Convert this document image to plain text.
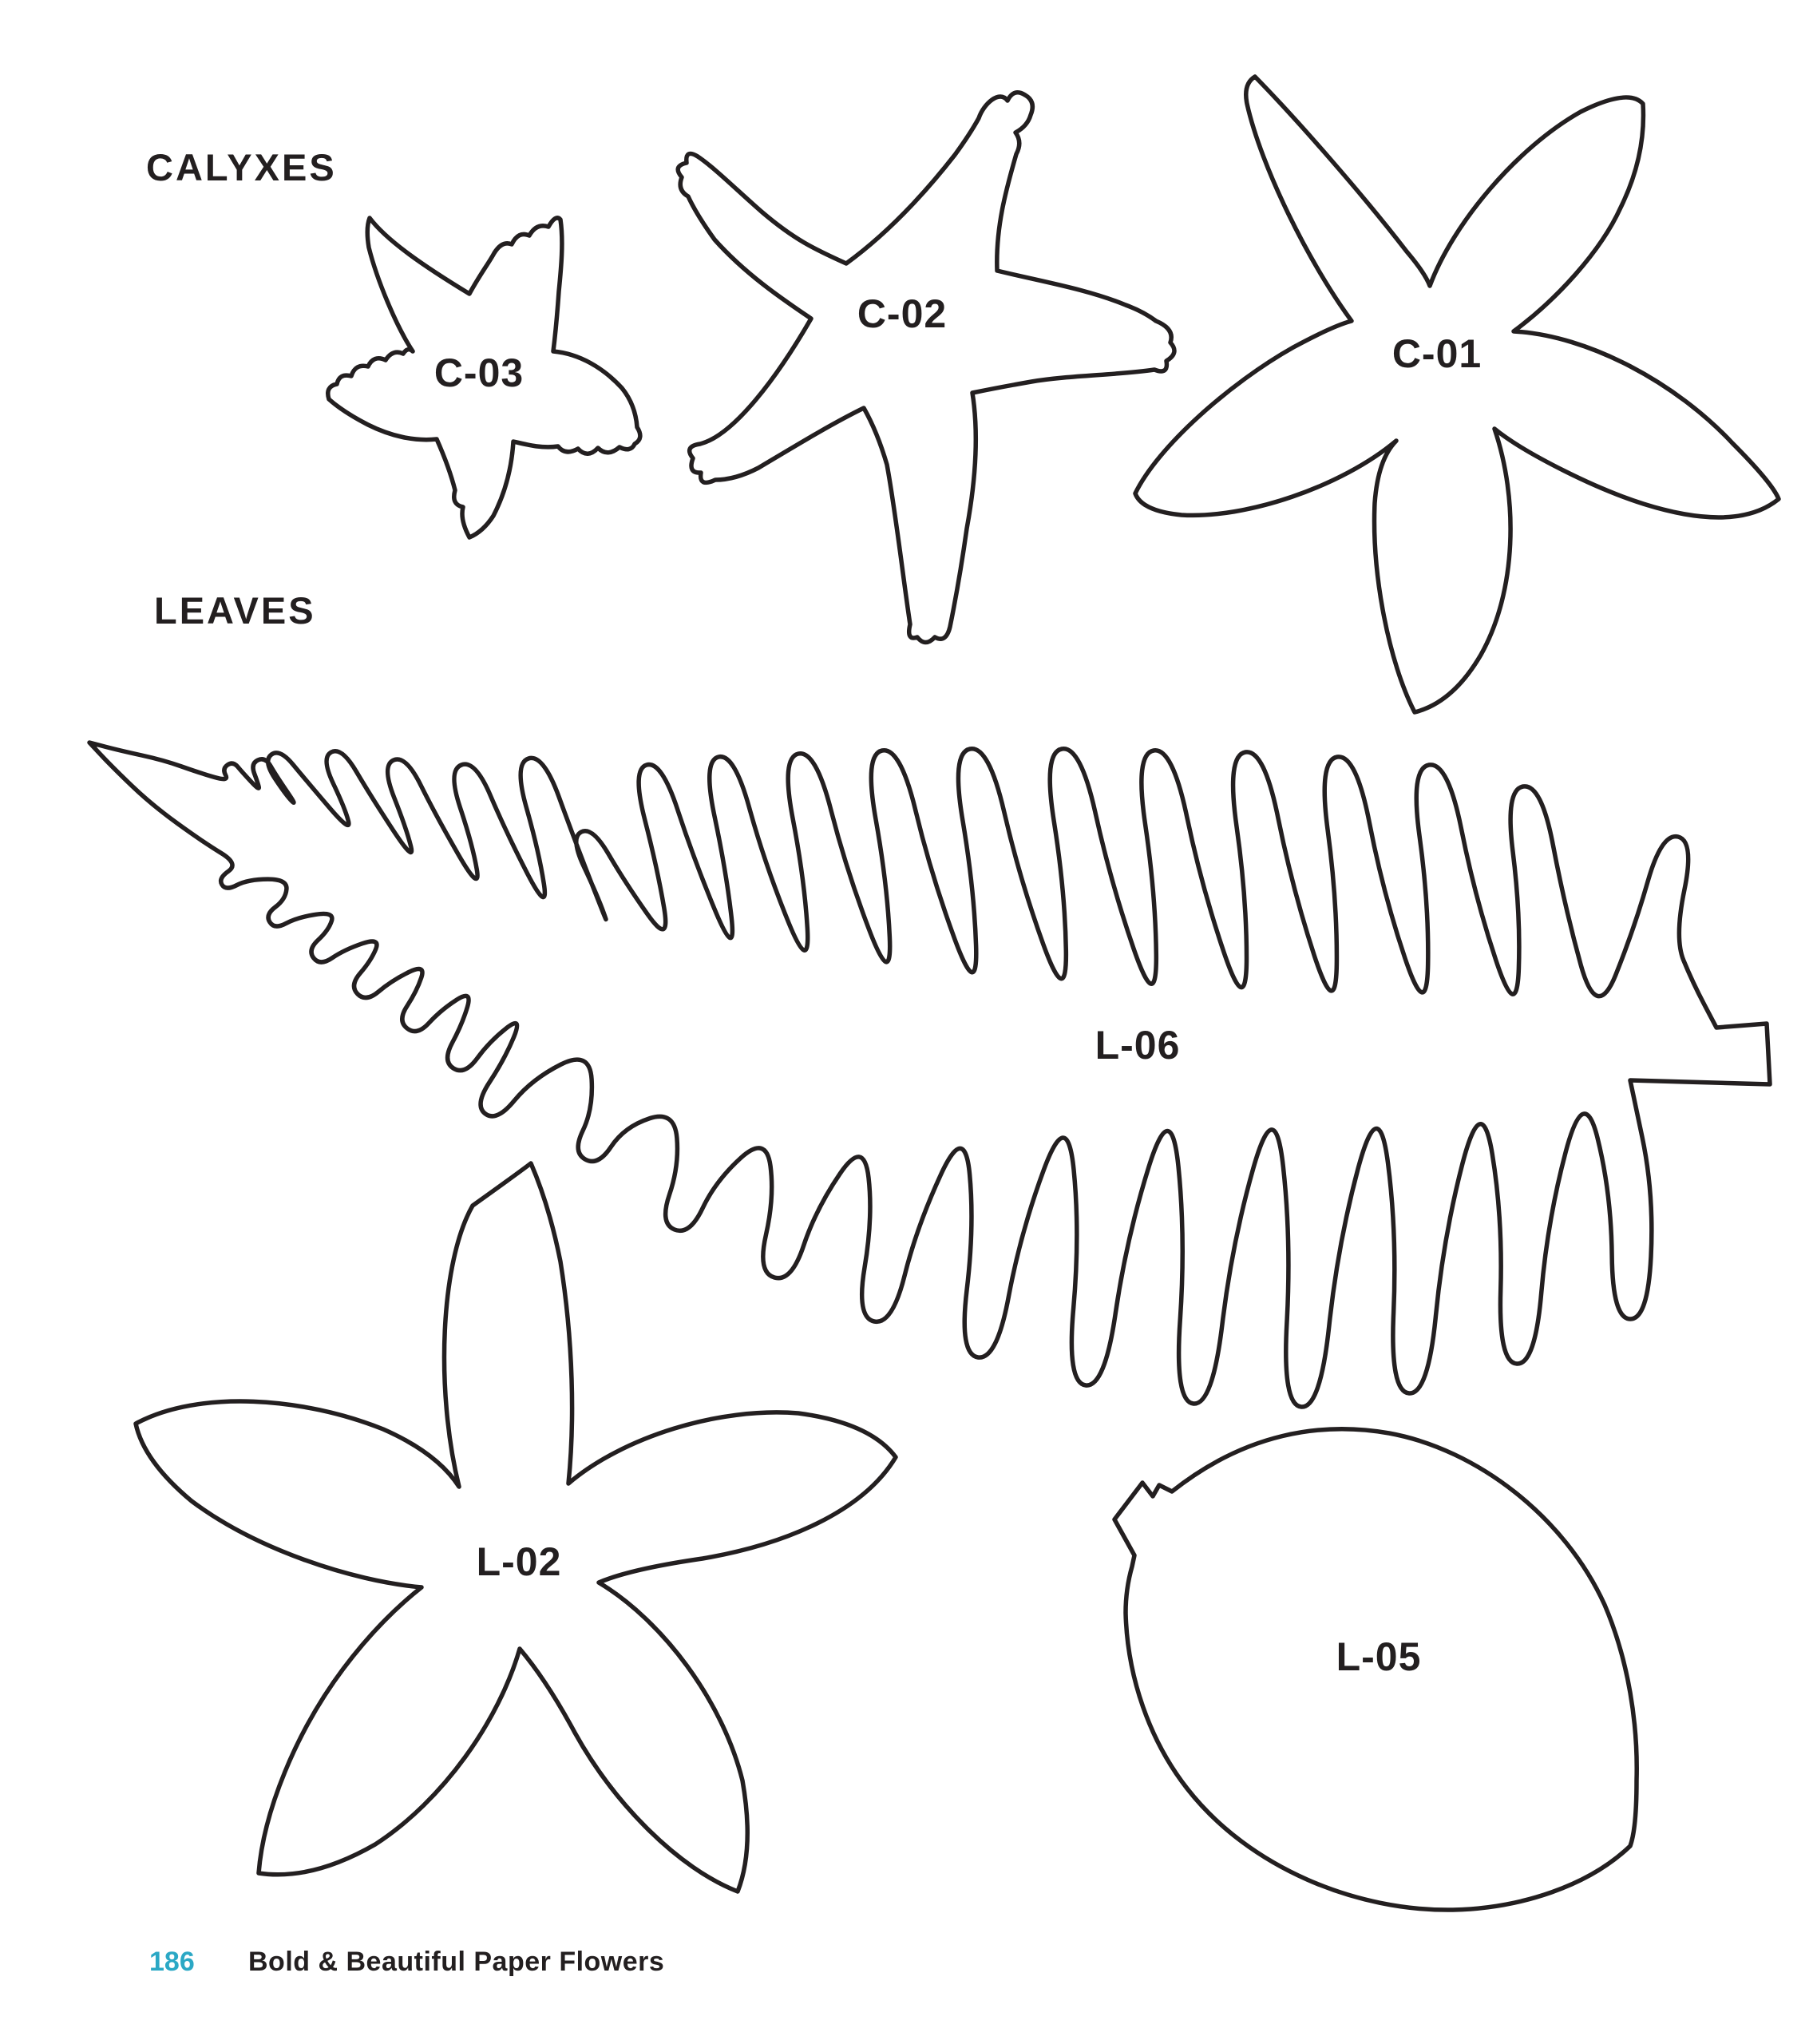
CALYXES
LEAVES
C-03
C-02
C-01
L-06
L-02
L-05
186 Bold & Beautiful Paper Flowers
